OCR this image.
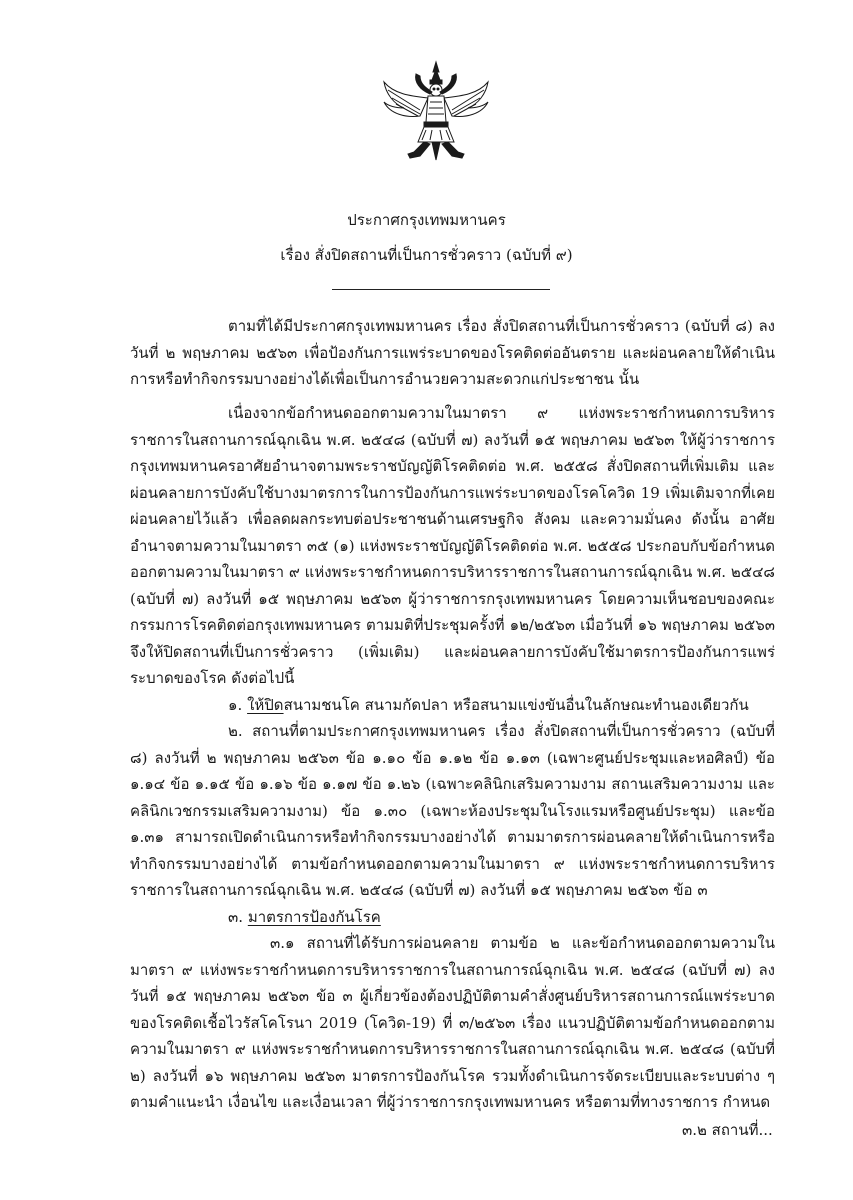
ประกาศกรุงเทพมหานคร
เรื่อง สั่งปิดสถานที่เป็นการชั่วคราว (ฉบับที่ ๙)

ตามที่ได้มีประกาศกรุงเทพมหานคร เรื่อง สั่งปิดสถานที่เป็นการชั่วคราว (ฉบับที่ ๘) ลงวันที่ ๒ พฤษภาคม ๒๕๖๓ เพื่อป้องกันการแพร่ระบาดของโรคติดต่ออันตราย และผ่อนคลายให้ดำเนินการหรือทำกิจกรรมบางอย่างได้เพื่อเป็นการอำนวยความสะดวกแก่ประชาชน นั้น

เนื่องจากข้อกำหนดออกตามความในมาตรา ๙ แห่งพระราชกำหนดการบริหารราชการในสถานการณ์ฉุกเฉิน พ.ศ. ๒๕๔๘ (ฉบับที่ ๗) ลงวันที่ ๑๕ พฤษภาคม ๒๕๖๓ ให้ผู้ว่าราชการกรุงเทพมหานครอาศัยอำนาจตามพระราชบัญญัติโรคติดต่อ พ.ศ. ๒๕๕๘ สั่งปิดสถานที่เพิ่มเติม และผ่อนคลายการบังคับใช้บางมาตรการในการป้องกันการแพร่ระบาดของโรคโควิด 19 เพิ่มเติมจากที่เคยผ่อนคลายไว้แล้ว เพื่อลดผลกระทบต่อประชาชนด้านเศรษฐกิจ สังคม และความมั่นคง ดังนั้น อาศัยอำนาจตามความในมาตรา ๓๕ (๑) แห่งพระราชบัญญัติโรคติดต่อ พ.ศ. ๒๕๕๘ ประกอบกับข้อกำหนดออกตามความในมาตรา ๙ แห่งพระราชกำหนดการบริหารราชการในสถานการณ์ฉุกเฉิน พ.ศ. ๒๕๔๘ (ฉบับที่ ๗) ลงวันที่ ๑๕ พฤษภาคม ๒๕๖๓ ผู้ว่าราชการกรุงเทพมหานคร โดยความเห็นชอบของคณะกรรมการโรคติดต่อกรุงเทพมหานคร ตามมติที่ประชุมครั้งที่ ๑๒/๒๕๖๓ เมื่อวันที่ ๑๖ พฤษภาคม ๒๕๖๓ จึงให้ปิดสถานที่เป็นการชั่วคราว (เพิ่มเติม) และผ่อนคลายการบังคับใช้มาตรการป้องกันการแพร่ระบาดของโรค ดังต่อไปนี้

๑. ให้ปิดสนามชนโค สนามกัดปลา หรือสนามแข่งขันอื่นในลักษณะทำนองเดียวกัน

๒. สถานที่ตามประกาศกรุงเทพมหานคร เรื่อง สั่งปิดสถานที่เป็นการชั่วคราว (ฉบับที่ ๘) ลงวันที่ ๒ พฤษภาคม ๒๕๖๓ ข้อ ๑.๑๐ ข้อ ๑.๑๒ ข้อ ๑.๑๓ (เฉพาะศูนย์ประชุมและหอศิลป์) ข้อ ๑.๑๔ ข้อ ๑.๑๕ ข้อ ๑.๑๖ ข้อ ๑.๑๗ ข้อ ๑.๒๖ (เฉพาะคลินิกเสริมความงาม สถานเสริมความงาม และคลินิกเวชกรรมเสริมความงาม) ข้อ ๑.๓๐ (เฉพาะห้องประชุมในโรงแรมหรือศูนย์ประชุม) และข้อ ๑.๓๑ สามารถเปิดดำเนินการหรือทำกิจกรรมบางอย่างได้ ตามมาตรการผ่อนคลายให้ดำเนินการหรือทำกิจกรรมบางอย่างได้ ตามข้อกำหนดออกตามความในมาตรา ๙ แห่งพระราชกำหนดการบริหารราชการในสถานการณ์ฉุกเฉิน พ.ศ. ๒๕๔๘ (ฉบับที่ ๗) ลงวันที่ ๑๕ พฤษภาคม ๒๕๖๓ ข้อ ๓

๓. มาตรการป้องกันโรค

๓.๑ สถานที่ได้รับการผ่อนคลาย ตามข้อ ๒ และข้อกำหนดออกตามความในมาตรา ๙ แห่งพระราชกำหนดการบริหารราชการในสถานการณ์ฉุกเฉิน พ.ศ. ๒๕๔๘ (ฉบับที่ ๗) ลงวันที่ ๑๕ พฤษภาคม ๒๕๖๓ ข้อ ๓ ผู้เกี่ยวข้องต้องปฏิบัติตามคำสั่งศูนย์บริหารสถานการณ์แพร่ระบาดของโรคติดเชื้อไวรัสโคโรนา 2019 (โควิด-19) ที่ ๓/๒๕๖๓ เรื่อง แนวปฏิบัติตามข้อกำหนดออกตามความในมาตรา ๙ แห่งพระราชกำหนดการบริหารราชการในสถานการณ์ฉุกเฉิน พ.ศ. ๒๕๔๘ (ฉบับที่ ๒) ลงวันที่ ๑๖ พฤษภาคม ๒๕๖๓ มาตรการป้องกันโรค รวมทั้งดำเนินการจัดระเบียบและระบบต่าง ๆ ตามคำแนะนำ เงื่อนไข และเงื่อนเวลา ที่ผู้ว่าราชการกรุงเทพมหานคร หรือตามที่ทางราชการ กำหนด

๓.๒ สถานที่...
